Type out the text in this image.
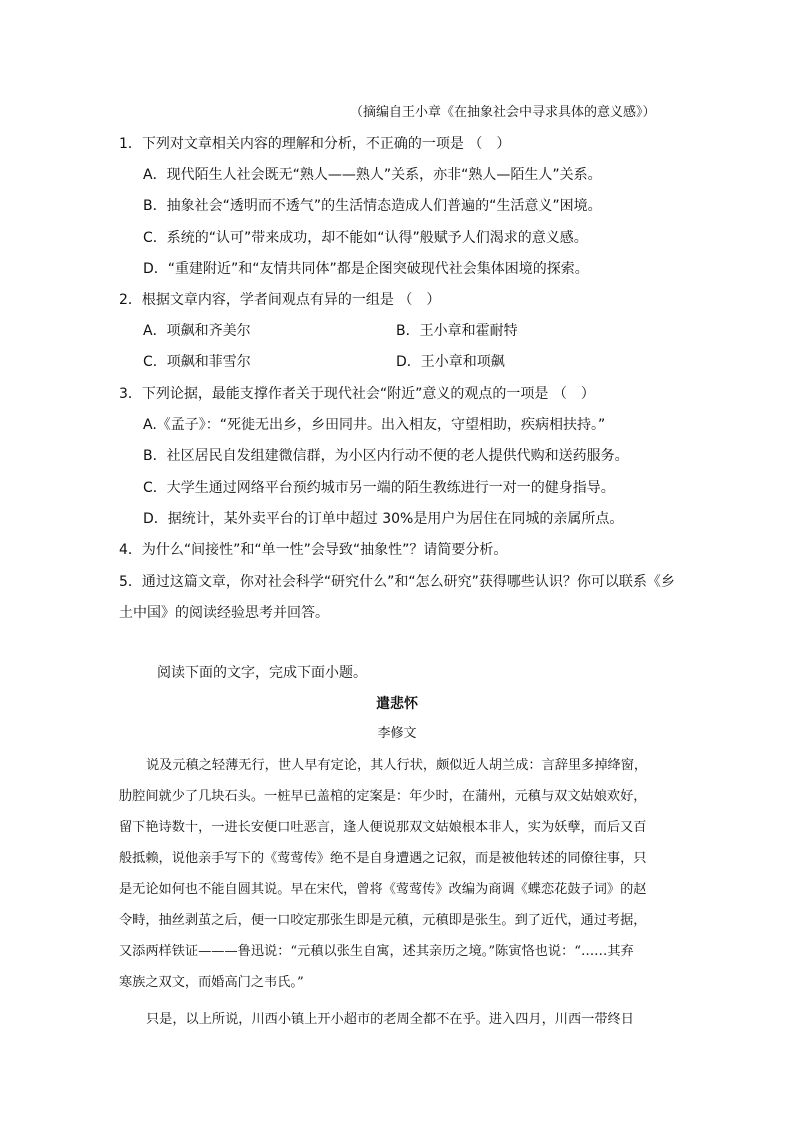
（摘编自王小章《在抽象社会中寻求具体的意义感》）
1．下列对文章相关内容的理解和分析，不正确的一项是 （　）
A．现代陌生人社会既无“熟人——熟人”关系，亦非“熟人—陌生人”关系。
B．抽象社会“透明而不透气”的生活情态造成人们普遍的“生活意义”困境。
C．系统的“认可”带来成功，却不能如“认得”般赋予人们渴求的意义感。
D．“重建附近”和“友情共同体”都是企图突破现代社会集体困境的探索。
2．根据文章内容，学者间观点有异的一组是 （　）
A．项飙和齐美尔	B．王小章和霍耐特
C．项飙和菲雪尔	D．王小章和项飙
3．下列论据，最能支撑作者关于现代社会“附近”意义的观点的一项是 （　）
A.《孟子》：“死徙无出乡，乡田同井。出入相友，守望相助，疾病相扶持。”
B．社区居民自发组建微信群，为小区内行动不便的老人提供代购和送药服务。
C．大学生通过网络平台预约城市另一端的陌生教练进行一对一的健身指导。
D．据统计，某外卖平台的订单中超过 30%是用户为居住在同城的亲属所点。
4．为什么“间接性”和“单一性”会导致“抽象性”？请简要分析。
5．通过这篇文章，你对社会科学“研究什么”和“怎么研究”获得哪些认识？你可以联系《乡
土中国》的阅读经验思考并回答。
阅读下面的文字，完成下面小题。
遣悲怀
李修文
说及元稹之轻薄无行，世人早有定论，其人行状，颇似近人胡兰成：言辞里多掉绛窗，
肋腔间就少了几块石头。一桩早已盖棺的定案是：年少时，在蒲州，元稹与双文姑娘欢好，
留下艳诗数十，一进长安便口吐恶言，逢人便说那双文姑娘根本非人，实为妖孽，而后又百
般抵赖，说他亲手写下的《莺莺传》绝不是自身遭遇之记叙，而是被他转述的同僚往事，只
是无论如何也不能自圆其说。早在宋代，曾将《莺莺传》改编为商调《蝶恋花鼓子词》的赵
令畤，抽丝剥茧之后，便一口咬定那张生即是元稹，元稹即是张生。到了近代，通过考据，
又添两样铁证———鲁迅说：“元稹以张生自寓，述其亲历之境。”陈寅恪也说：“……其弃
寒族之双文，而婚高门之韦氏。”
只是，以上所说，川西小镇上开小超市的老周全都不在乎。进入四月，川西一带终日
